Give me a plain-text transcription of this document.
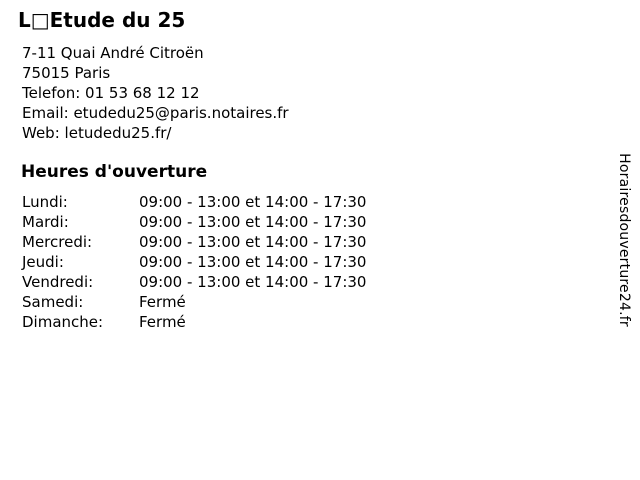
L□Etude du 25
7-11 Quai André Citroën
75015 Paris
Telefon: 01 53 68 12 12
Email: etudedu25@paris.notaires.fr
Web: letudedu25.fr/
Heures d'ouverture
Lundi:	09:00 - 13:00 et 14:00 - 17:30
Mardi:	09:00 - 13:00 et 14:00 - 17:30
Mercredi:	09:00 - 13:00 et 14:00 - 17:30
Jeudi:	09:00 - 13:00 et 14:00 - 17:30
Vendredi:	09:00 - 13:00 et 14:00 - 17:30
Samedi:	Fermé
Dimanche:	Fermé	Horairesdouverture24.fr
